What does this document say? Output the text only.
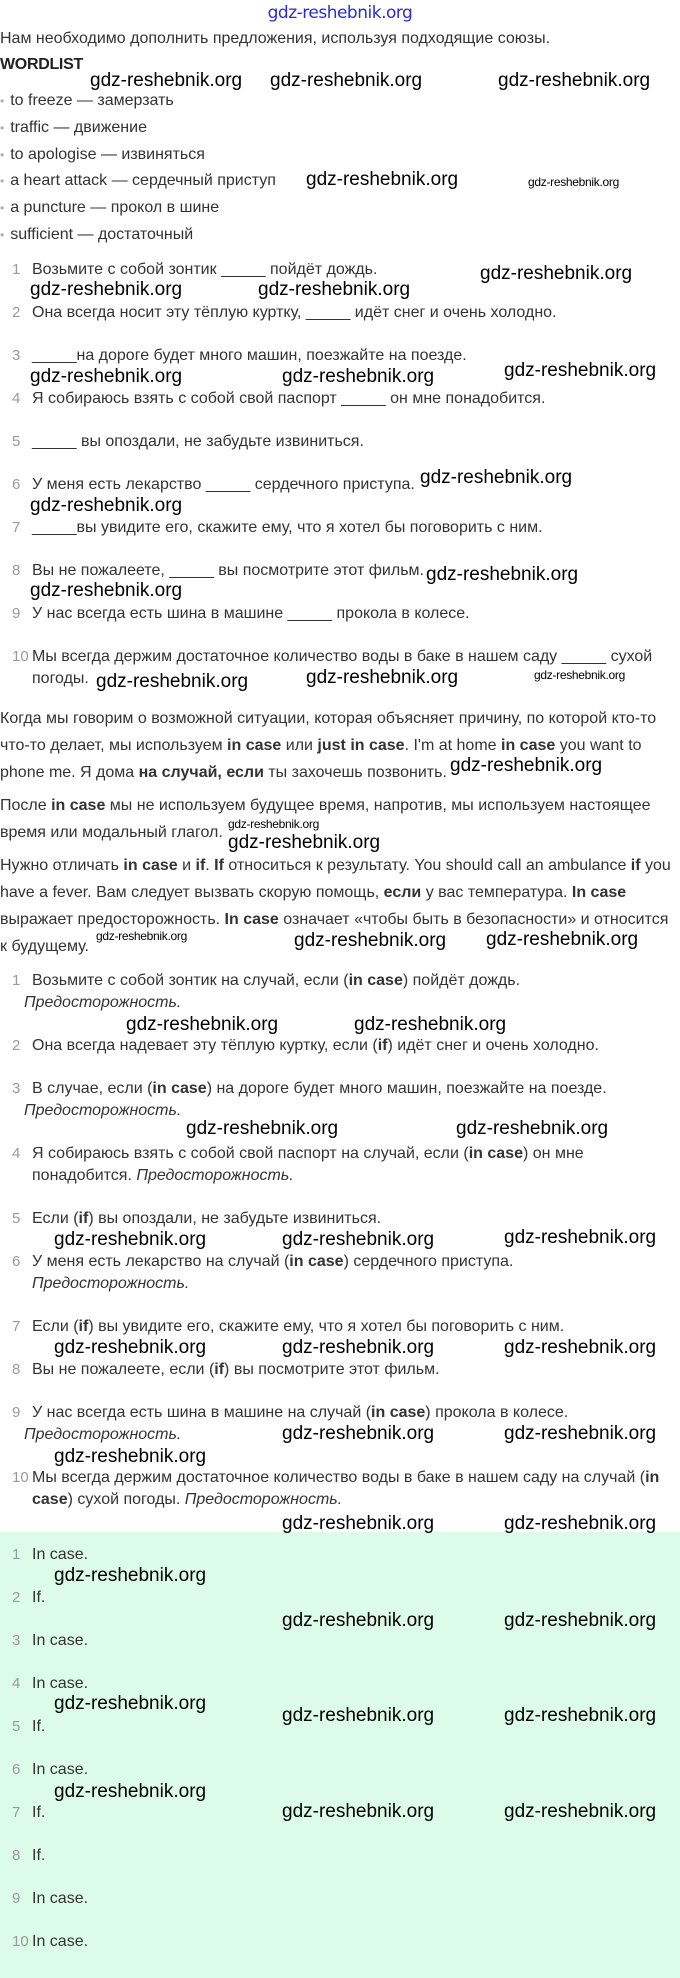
gdz-reshebnik.org
Нам необходимо дополнить предложения, используя подходящие союзы.
WORDLIST
• to freeze — замерзать
• traffic — движение
• to apologise — извиняться
• a heart attack — сердечный приступ
• a puncture — прокол в шине
• sufficient — достаточный
1 Возьмите с собой зонтик _____ пойдёт дождь.
2 Она всегда носит эту тёплую куртку, _____ идёт снег и очень холодно.
3 _____на дороге будет много машин, поезжайте на поезде.
4 Я собираюсь взять с собой свой паспорт _____ он мне понадобится.
5 _____ вы опоздали, не забудьте извиниться.
6 У меня есть лекарство _____ сердечного приступа.
7 _____вы увидите его, скажите ему, что я хотел бы поговорить с ним.
8 Вы не пожалеете, _____ вы посмотрите этот фильм.
9 У нас всегда есть шина в машине _____ прокола в колесе.
10 Мы всегда держим достаточное количество воды в баке в нашем саду _____ сухой погоды.

Когда мы говорим о возможной ситуации, которая объясняет причину, по которой кто-то что-то делает, мы используем in case или just in case. I'm at home in case you want to phone me. Я дома на случай, если ты захочешь позвонить.

После in case мы не используем будущее время, напротив, мы используем настоящее время или модальный глагол.

Нужно отличать in case и if. If относиться к результату. You should call an ambulance if you have a fever. Вам следует вызвать скорую помощь, если у вас температура. In case выражает предосторожность. In case означает «чтобы быть в безопасности» и относится к будущему.

1 Возьмите с собой зонтик на случай, если (in case) пойдёт дождь.
Предосторожность.
2 Она всегда надевает эту тёплую куртку, если (if) идёт снег и очень холодно.
3 В случае, если (in case) на дороге будет много машин, поезжайте на поезде.
Предосторожность.
4 Я собираюсь взять с собой свой паспорт на случай, если (in case) он мне понадобится. Предосторожность.
5 Если (if) вы опоздали, не забудьте извиниться.
6 У меня есть лекарство на случай (in case) сердечного приступа. Предосторожность.
7 Если (if) вы увидите его, скажите ему, что я хотел бы поговорить с ним.
8 Вы не пожалеете, если (if) вы посмотрите этот фильм.
9 У нас всегда есть шина в машине на случай (in case) прокола в колесе.
Предосторожность.
10 Мы всегда держим достаточное количество воды в баке в нашем саду на случай (in case) сухой погоды. Предосторожность.
1 In case.
2 If.
3 In case.
4 In case.
5 If.
6 In case.
7 If.
8 If.
9 In case.
10 In case.
gdz-reshebnik.org gdz-reshebnik.org	gdz-reshebnik.org
gdz-reshebnik.org	gdz-reshebnik.org
gdz-reshebnik.org	gdz-reshebnik.org
gdz-reshebnik.org
gdz-reshebnik.org	gdz-reshebnik.org	gdz-reshebnik.org
gdz-reshebnik.org
gdz-reshebnik.org
gdz-reshebnik.org
gdz-reshebnik.org
gdz-reshebnik.org	gdz-reshebnik.org
gdz-reshebnik.org
gdz-reshebnik.org
gdz-reshebnik.org
gdz-reshebnik.org
gdz-reshebnik.org
gdz-reshebnik.org	gdz-reshebnik.org
gdz-reshebnik.org
gdz-reshebnik.org
gdz-reshebnik.org	gdz-reshebnik.org
gdz-reshebnik.org	gdz-reshebnik.org	gdz-reshebnik.org
gdz-reshebnik.org	gdz-reshebnik.org	gdz-reshebnik.org
gdz-reshebnik.org	gdz-reshebnik.org
gdz-reshebnik.org
gdz-reshebnik.org	gdz-reshebnik.org
gdz-reshebnik.org
gdz-reshebnik.org	gdz-reshebnik.org
gdz-reshebnik.org
gdz-reshebnik.org	gdz-reshebnik.org
gdz-reshebnik.org
gdz-reshebnik.org	gdz-reshebnik.org
